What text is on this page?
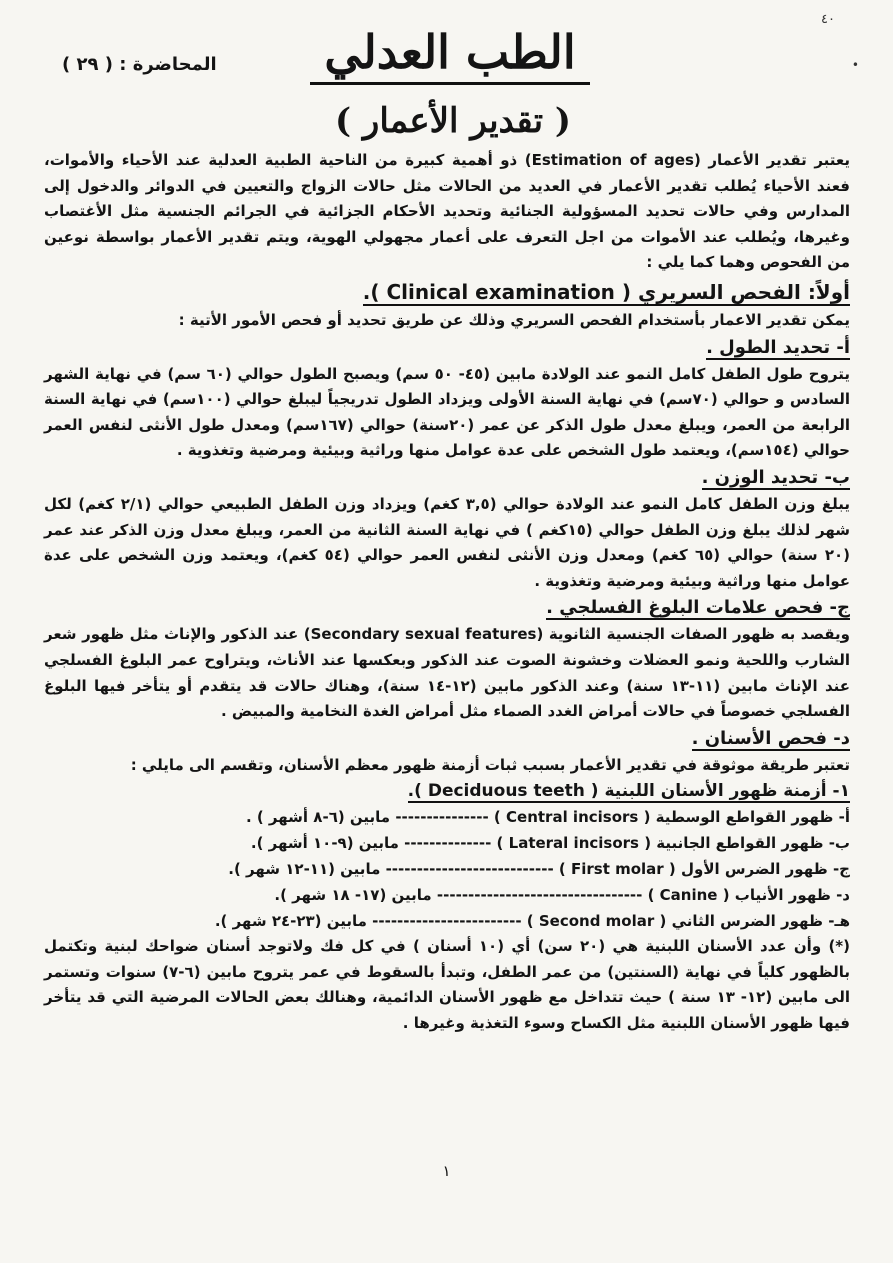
٤٠
•
المحاضرة : ( ٢٩ )	الطب العدلي
( تقدير الأعمار )

يعتبر تقدير الأعمار (Estimation of ages) ذو أهمية كبيرة من الناحية الطبية العدلية عند الأحياء والأموات، فعند الأحياء يُطلب تقدير الأعمار في العديد من الحالات مثل حالات الزواج والتعيين في الدوائر والدخول إلى المدارس وفي حالات تحديد المسؤولية الجنائية وتحديد الأحكام الجزائية في الجرائم الجنسية مثل الأغتصاب وغيرها، ويُطلب عند الأموات من اجل التعرف على أعمار مجهولي الهوية، ويتم تقدير الأعمار بواسطة نوعين من الفحوص وهما كما يلي :

أولاً: الفحص السريري ( Clinical examination ).

يمكن تقدير الاعمار بأستخدام الفحص السريري وذلك عن طريق تحديد أو فحص الأمور الأتية :

أ- تحديد الطول .

يتروح طول الطفل كامل النمو عند الولادة مابين (٤٥- ٥٠ سم) ويصبح الطول حوالي (٦٠ سم) في نهاية الشهر السادس و حوالي (٧٠سم) في نهاية السنة الأولى ويزداد الطول تدريجياً ليبلغ حوالي (١٠٠سم) في نهاية السنة الرابعة من العمر، ويبلغ معدل طول الذكر عن عمر (٢٠سنة) حوالي (١٦٧سم) ومعدل طول الأنثى لنفس العمر حوالي (١٥٤سم)، ويعتمد طول الشخص على عدة عوامل منها وراثية وبيئية ومرضية وتغذوية .

ب- تحديد الوزن .

يبلغ وزن الطفل كامل النمو عند الولادة حوالي (٣,٥ كغم) ويزداد وزن الطفل الطبيعي حوالي (٢/١ كغم) لكل شهر لذلك يبلغ وزن الطفل حوالي (١٥كغم ) في نهاية السنة الثانية من العمر، ويبلغ معدل وزن الذكر عند عمر (٢٠ سنة) حوالي (٦٥ كغم) ومعدل وزن الأنثى لنفس العمر حوالي (٥٤ كغم)، ويعتمد وزن الشخص على عدة عوامل منها وراثية وبيئية ومرضية وتغذوية .

ج- فحص علامات البلوغ الفسلجي .

ويقصد به ظهور الصفات الجنسية الثانوية (Secondary sexual features) عند الذكور والإناث مثل ظهور شعر الشارب واللحية ونمو العضلات وخشونة الصوت عند الذكور وبعكسها عند الأناث، ويتراوح عمر البلوغ الفسلجي عند الإناث مابين (١١-١٣ سنة) وعند الذكور مابين (١٢-١٤ سنة)، وهناك حالات قد يتقدم أو يتأخر فيها البلوغ الفسلجي خصوصاً في حالات أمراض الغدد الصماء مثل أمراض الغدة النخامية والمبيض .

د- فحص الأسنان .

تعتبر طريقة موثوقة في تقدير الأعمار بسبب ثبات أزمنة ظهور معظم الأسنان، وتقسم الى مايلي :

١- أزمنة ظهور الأسنان اللبنية ( Deciduous teeth ).

أ- ظهور القواطع الوسطية ( Central incisors ) --------------- مابين (٦-٨ أشهر ) .

ب- ظهور القواطع الجانبية ( Lateral incisors ) -------------- مابين (٩-١٠ أشهر ).

ج- ظهور الضرس الأول ( First molar ) --------------------------- مابين (١١-١٢ شهر ).

د- ظهور الأنياب ( Canine ) --------------------------------- مابين (١٧- ١٨ شهر ).

هـ- ظهور الضرس الثاني ( Second molar ) ------------------------ مابين (٢٣-٢٤ شهر ).

(*) وأن عدد الأسنان اللبنية هي (٢٠ سن) أي (١٠ أسنان ) في كل فك ولاتوجد أسنان ضواحك لبنية وتكتمل بالظهور كلياً في نهاية (السنتين) من عمر الطفل، وتبدأ بالسقوط في عمر يتروح مابين (٦-٧) سنوات وتستمر الى مابين (١٢- ١٣ سنة ) حيث تتداخل مع ظهور الأسنان الدائمية، وهنالك بعض الحالات المرضية التي قد يتأخر فيها ظهور الأسنان اللبنية مثل الكساح وسوء التغذية وغيرها .

١
